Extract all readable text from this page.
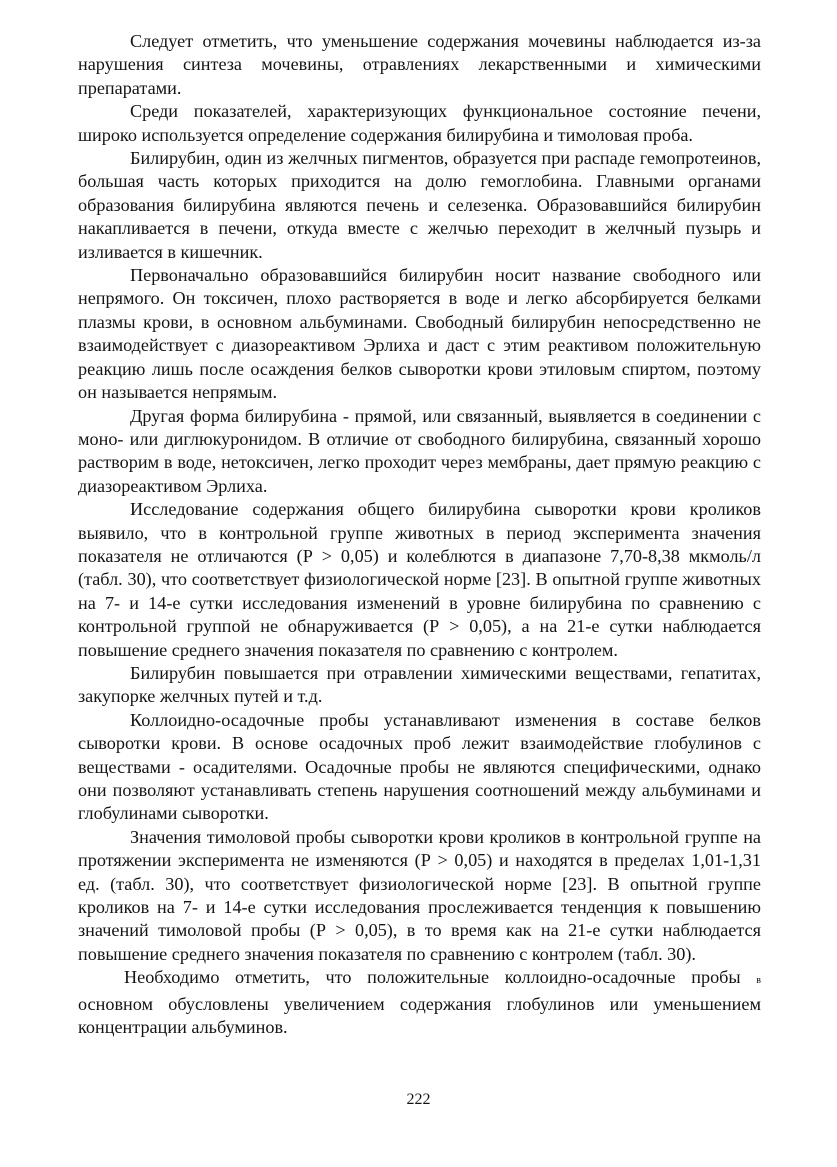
Следует отметить, что уменьшение содержания мочевины наблюдается из-за нарушения синтеза мочевины, отравлениях лекарственными и химическими препаратами.

Среди показателей, характеризующих функциональное состояние печени, широко используется определение содержания билирубина и тимоловая проба.

Билирубин, один из желчных пигментов, образуется при распаде гемопротеинов, большая часть которых приходится на долю гемоглобина. Главными органами образования билирубина являются печень и селезенка. Образовавшийся билирубин накапливается в печени, откуда вместе с желчью переходит в желчный пузырь и изливается в кишечник.

Первоначально образовавшийся билирубин носит название свободного или непрямого. Он токсичен, плохо растворяется в воде и легко абсорбируется белками плазмы крови, в основном альбуминами. Свободный билирубин непосредственно не взаимодействует с диазореактивом Эрлиха и даст с этим реактивом положительную реакцию лишь после осаждения белков сыворотки крови этиловым спиртом, поэтому он называется непрямым.

Другая форма билирубина - прямой, или связанный, выявляется в соединении с моно- или диглюкуронидом. В отличие от свободного билирубина, связанный хорошо растворим в воде, нетоксичен, легко проходит через мембраны, дает прямую реакцию с диазореактивом Эрлиха.

Исследование содержания общего билирубина сыворотки крови кроликов выявило, что в контрольной группе животных в период эксперимента значения показателя не отличаются (Р > 0,05) и колеблются в диапазоне 7,70-8,38 мкмоль/л (табл. 30), что соответствует физиологической норме [23]. В опытной группе животных на 7- и 14-е сутки исследования изменений в уровне билирубина по сравнению с контрольной группой не обнаруживается (Р > 0,05), а на 21-е сутки наблюдается повышение среднего значения показателя по сравнению с контролем.

Билирубин повышается при отравлении химическими веществами, гепатитах, закупорке желчных путей и т.д.

Коллоидно-осадочные пробы устанавливают изменения в составе белков сыворотки крови. В основе осадочных проб лежит взаимодействие глобулинов с веществами - осадителями. Осадочные пробы не являются специфическими, однако они позволяют устанавливать степень нарушения соотношений между альбуминами и глобулинами сыворотки.

Значения тимоловой пробы сыворотки крови кроликов в контрольной группе на протяжении эксперимента не изменяются (Р > 0,05) и находятся в пределах 1,01-1,31 ед. (табл. 30), что соответствует физиологической норме [23]. В опытной группе кроликов на 7- и 14-е сутки исследования прослеживается тенденция к повышению значений тимоловой пробы (Р > 0,05), в то время как на 21-е сутки наблюдается повышение среднего значения показателя по сравнению с контролем (табл. 30).

Необходимо отметить, что положительные коллоидно-осадочные пробы в основном обусловлены увеличением содержания глобулинов или уменьшением концентрации альбуминов.

222
